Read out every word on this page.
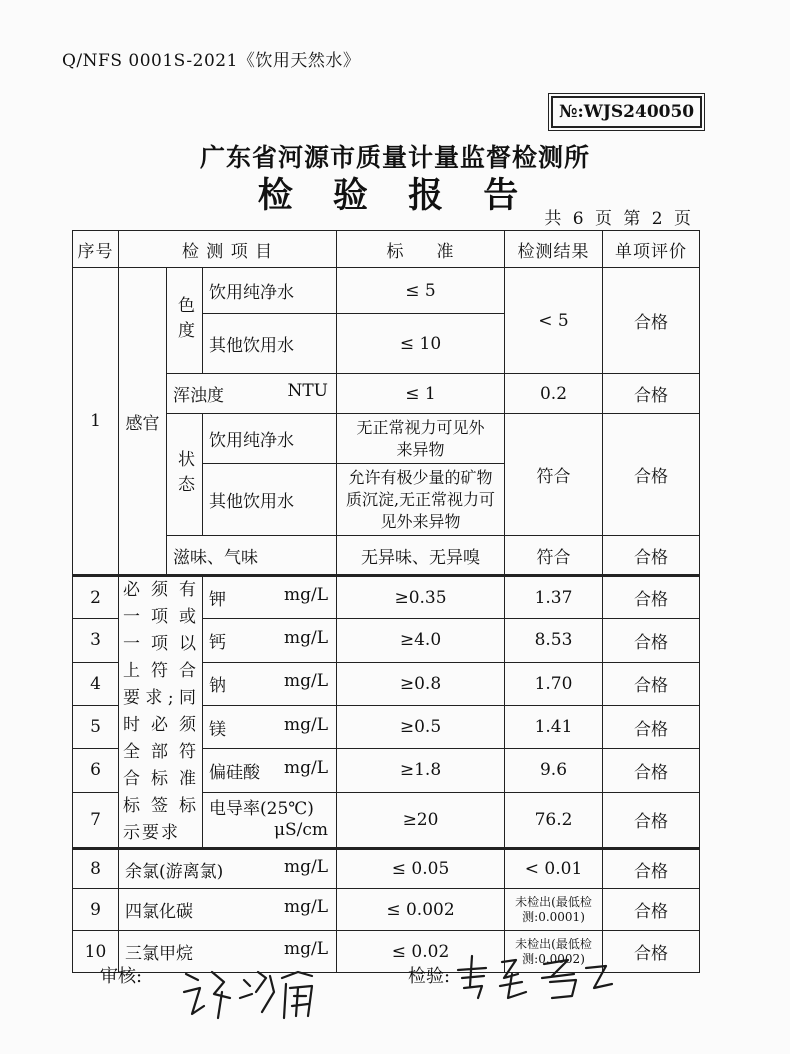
Q/NFS 0001S-2021《饮用天然水》
№:WJS240050
广东省河源市质量计量监督检测所
检 验 报 告
共 6 页 第 2 页
序号	检 测 项 目			标     准	检测结果	单项评价
1	感官	色度	饮用纯净水	≤ 5	< 5	合格
			其他饮用水	≤ 10		
		浑浊度 NTU		≤ 1	0.2	合格

		状态	饮用纯净水	无正常视力可见外来异物	符合	合格
			其他饮用水	允许有极少量的矿物质沉淀,无正常视力可见外来异物		

		滋味、气味		无异味、无异嗅	符合	合格

2	必须有一项或一项以上符合要求;同时必须全部符合标准标签标示要求		钾 mg/L	≥0.35	1.37	合格
3			钙 mg/L	≥4.0	8.53	合格
4			钠 mg/L	≥0.8	1.70	合格
5			镁 mg/L	≥0.5	1.41	合格
6			偏硅酸 mg/L	≥1.8	9.6	合格
7			电导率(25℃)
μS/cm	≥20	76.2	合格
8	余氯(游离氯) mg/L			≤ 0.05	< 0.01	合格
9	四氯化碳 mg/L			≤ 0.002	未检出(最低检测:0.0001)	合格
10	三氯甲烷 mg/L			≤ 0.02	未检出(最低检测:0.0002)	合格
审核:	检验:
